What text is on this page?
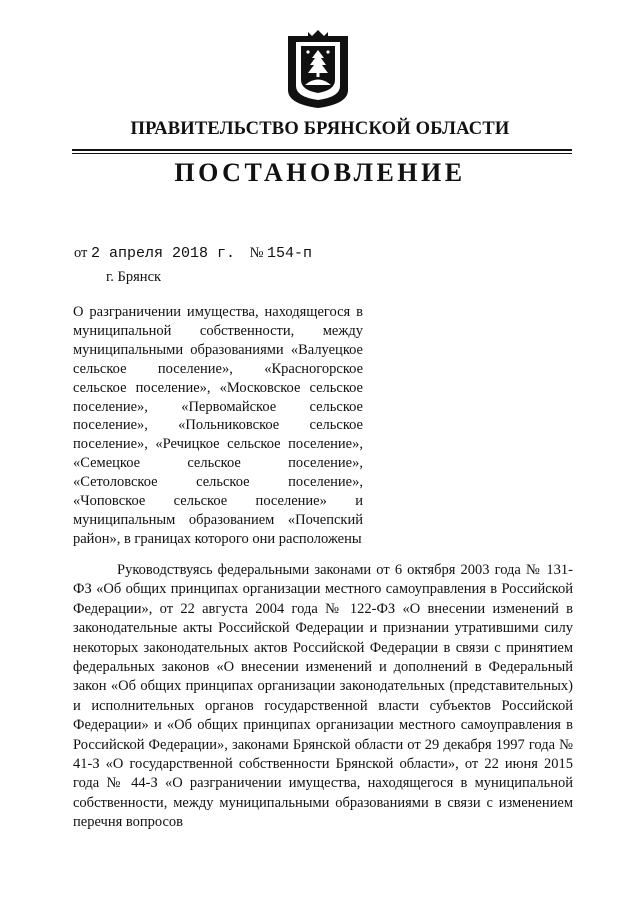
ПРАВИТЕЛЬСТВО БРЯНСКОЙ ОБЛАСТИ
ПОСТАНОВЛЕНИЕ
от 2 апреля 2018 г. № 154-п
г. Брянск
О разграничении имущества, находящегося в муниципальной собственности, между муниципальными образованиями «Валуецкое сельское поселение», «Красногорское сельское поселение», «Московское сельское поселение», «Первомайское сельское поселение», «Польниковское сельское поселение», «Речицкое сельское поселение», «Семецкое сельское поселение», «Сетоловское сельское поселение», «Чоповское сельское поселение» и муниципальным образованием «Почепский район», в границах которого они расположены
Руководствуясь федеральными законами от 6 октября 2003 года № 131-ФЗ «Об общих принципах организации местного самоуправления в Российской Федерации», от 22 августа 2004 года № 122-ФЗ «О внесении изменений в законодательные акты Российской Федерации и признании утратившими силу некоторых законодательных актов Российской Федерации в связи с принятием федеральных законов «О внесении изменений и дополнений в Федеральный закон «Об общих принципах организации законодательных (представительных) и исполнительных органов государственной власти субъектов Российской Федерации» и «Об общих принципах организации местного самоуправления в Российской Федерации», законами Брянской области от 29 декабря 1997 года № 41-З «О государственной собственности Брянской области», от 22 июня 2015 года № 44-З «О разграничении имущества, находящегося в муниципальной собственности, между муниципальными образованиями в связи с изменением перечня вопросов
